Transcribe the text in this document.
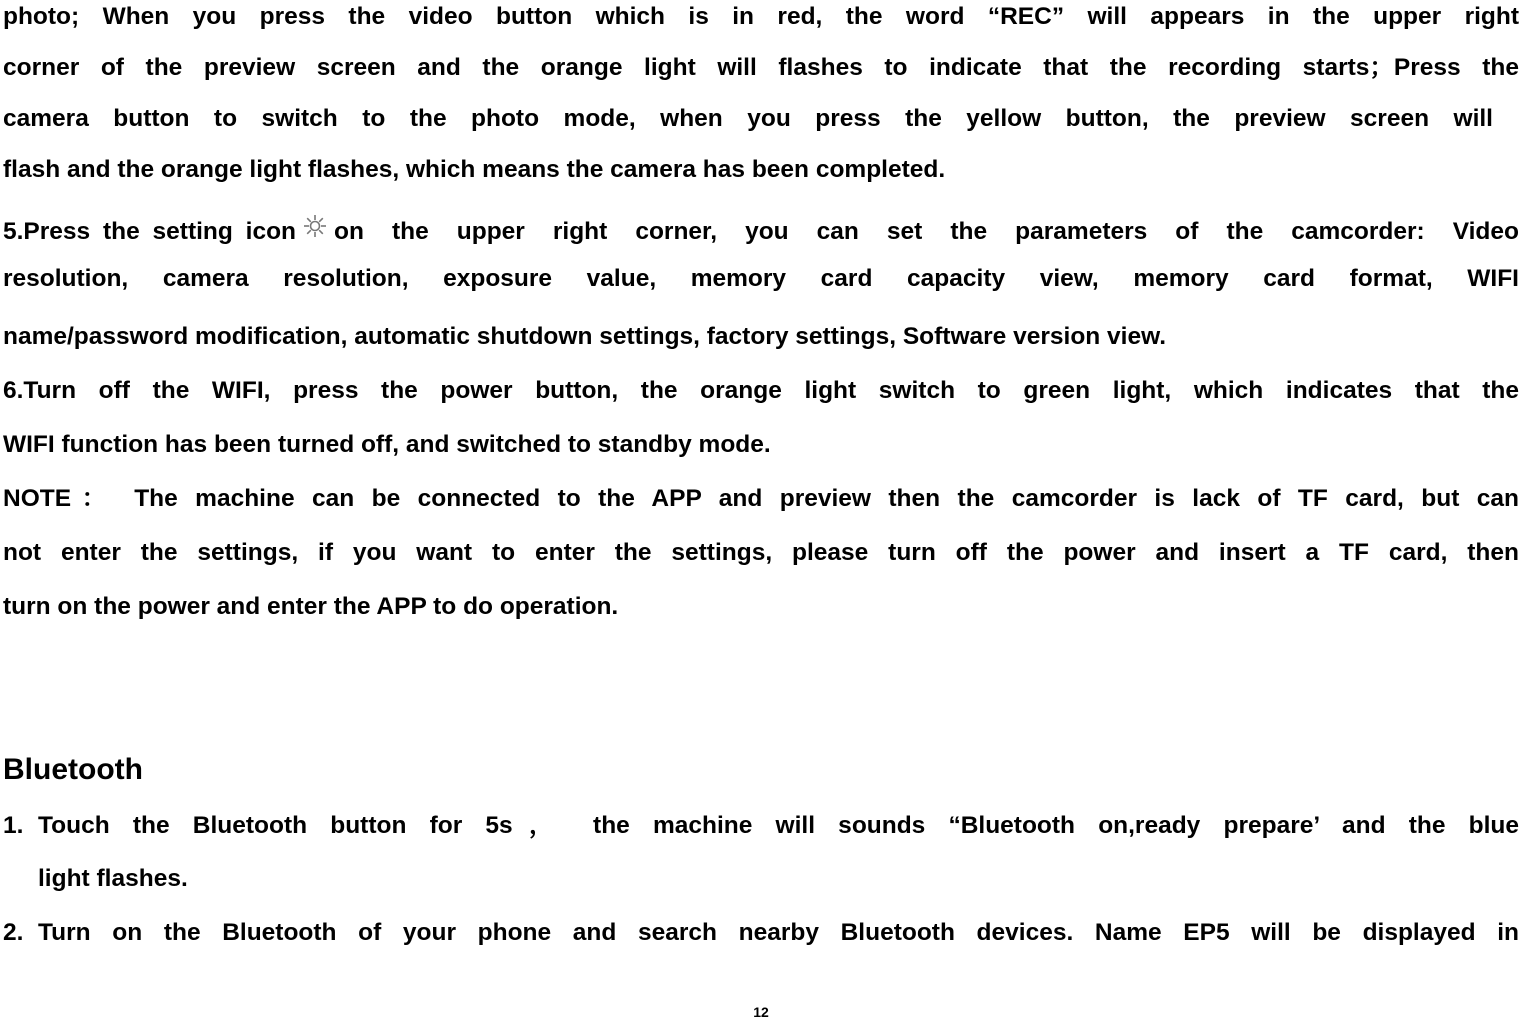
photo; When you press the video button which is in red, the word “REC” will appears in the upper right
corner of the preview screen and the orange light will flashes to indicate that the recording starts；Press the
camera button to switch to the photo mode, when you press the yellow button, the preview screen will
flash and the orange light flashes, which means the camera has been completed.
5.Press the setting icon on the upper right corner, you can set the parameters of the camcorder: Video
resolution, camera resolution, exposure value, memory card capacity view, memory card format, WIFI
name/password modification, automatic shutdown settings, factory settings, Software version view.
6.Turn off the WIFI, press the power button, the orange light switch to green light, which indicates that the
WIFI function has been turned off, and switched to standby mode.
NOTE： The machine can be connected to the APP and preview then the camcorder is lack of TF card, but can
not enter the settings, if you want to enter the settings, please turn off the power and insert a TF card, then
turn on the power and enter the APP to do operation.
Bluetooth
1. Touch the Bluetooth button for 5s， the machine will sounds “Bluetooth on,ready prepare’ and the blue
light flashes.
2. Turn on the Bluetooth of your phone and search nearby Bluetooth devices. Name EP5 will be displayed in
12
